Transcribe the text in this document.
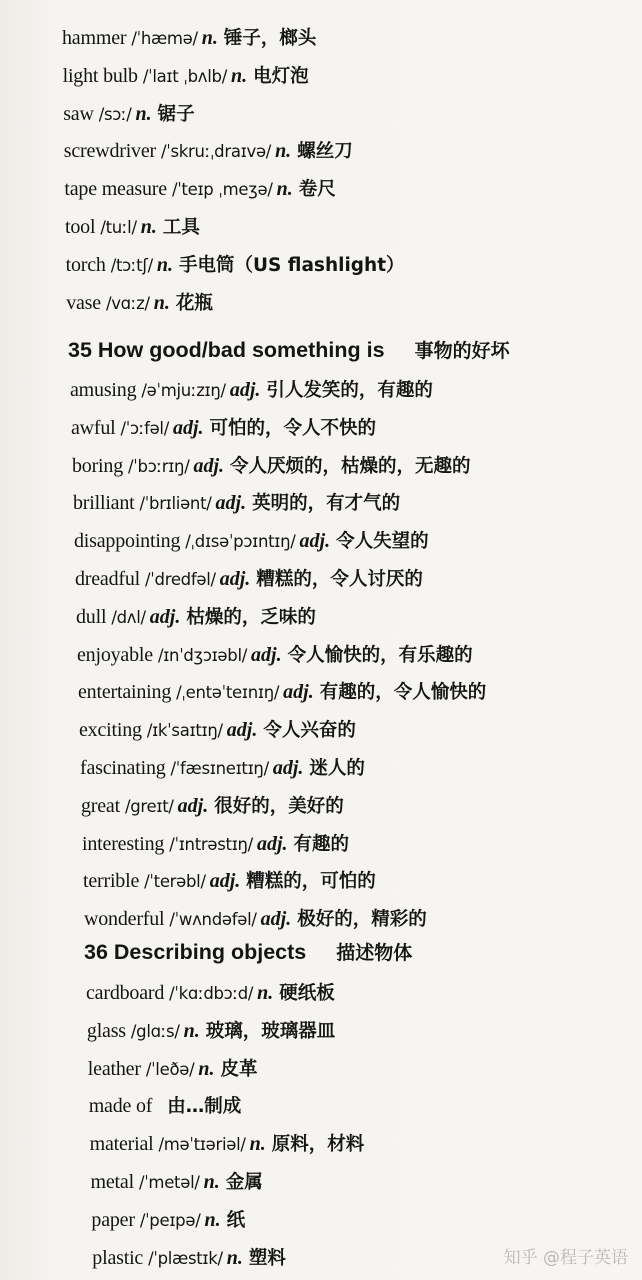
hammer /ˈhæmə/ n. 锤子，榔头
light bulb /ˈlaɪt ˌbʌlb/ n. 电灯泡
saw /sɔː/ n. 锯子
screwdriver /ˈskruːˌdraɪvə/ n. 螺丝刀
tape measure /ˈteɪp ˌmeʒə/ n. 卷尺
tool /tuːl/ n. 工具
torch /tɔːtʃ/ n. 手电筒（US flashlight）
vase /vɑːz/ n. 花瓶
35 How good/bad something is 事物的好坏
amusing /əˈmjuːzɪŋ/ adj. 引人发笑的，有趣的
awful /ˈɔːfəl/ adj. 可怕的，令人不快的
boring /ˈbɔːrɪŋ/ adj. 令人厌烦的，枯燥的，无趣的
brilliant /ˈbrɪliənt/ adj. 英明的，有才气的
disappointing /ˌdɪsəˈpɔɪntɪŋ/ adj. 令人失望的
dreadful /ˈdredfəl/ adj. 糟糕的，令人讨厌的
dull /dʌl/ adj. 枯燥的，乏味的
enjoyable /ɪnˈdʒɔɪəbl/ adj. 令人愉快的，有乐趣的
entertaining /ˌentəˈteɪnɪŋ/ adj. 有趣的，令人愉快的
exciting /ɪkˈsaɪtɪŋ/ adj. 令人兴奋的
fascinating /ˈfæsɪneɪtɪŋ/ adj. 迷人的
great /greɪt/ adj. 很好的，美好的
interesting /ˈɪntrəstɪŋ/ adj. 有趣的
terrible /ˈterəbl/ adj. 糟糕的，可怕的
wonderful /ˈwʌndəfəl/ adj. 极好的，精彩的
36 Describing objects 描述物体
cardboard /ˈkɑːdbɔːd/ n. 硬纸板
glass /glɑːs/ n. 玻璃，玻璃器皿
leather /ˈleðə/ n. 皮革
made of 由…制成
material /məˈtɪəriəl/ n. 原料，材料
metal /ˈmetəl/ n. 金属
paper /ˈpeɪpə/ n. 纸
plastic /ˈplæstɪk/ n. 塑料	知乎 @程子英语
